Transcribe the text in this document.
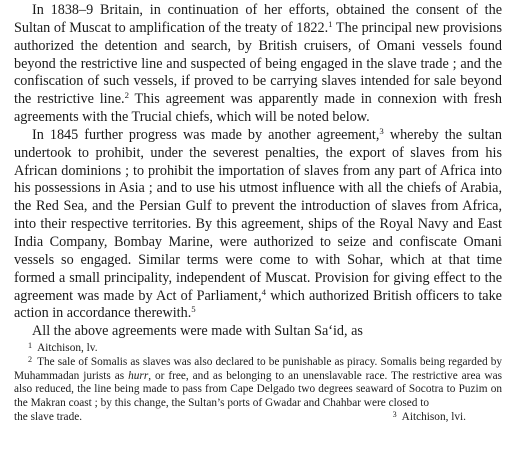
In 1838–9 Britain, in continuation of her efforts, obtained the consent of the Sultan of Muscat to amplification of the treaty of 1822.$^1$ The principal new provisions authorized the detention and search, by British cruisers, of Omani vessels found beyond the restrictive line and suspected of being engaged in the slave trade ; and the confiscation of such vessels, if proved to be carrying slaves intended for sale beyond the restrictive line.$^2$ This agreement was apparently made in connexion with fresh agreements with the Trucial chiefs, which will be noted below.

In 1845 further progress was made by another agreement,$^3$ whereby the sultan undertook to prohibit, under the severest penalties, the export of slaves from his African dominions ; to prohibit the importation of slaves from any part of Africa into his possessions in Asia ; and to use his utmost influence with all the chiefs of Arabia, the Red Sea, and the Persian Gulf to prevent the introduction of slaves from Africa, into their respective territories. By this agreement, ships of the Royal Navy and East India Company, Bombay Marine, were authorized to seize and confiscate Omani vessels so engaged. Similar terms were come to with Sohar, which at that time formed a small principality, independent of Muscat. Provision for giving effect to the agreement was made by Act of Parliament,$^4$ which authorized British officers to take action in accordance therewith.$^5$

All the above agreements were made with Sultan Sa‘id, as

$^1$ Aitchison, lv.

$^2$ The sale of Somalis as slaves was also declared to be punishable as piracy. Somalis being regarded by Muhammadan jurists as hurr, or free, and as belonging to an unenslavable race. The restrictive area was also reduced, the line being made to pass from Cape Delgado two degrees seaward of Socotra to Puzim on the Makran coast ; by this change, the Sultan’s ports of Gwadar and Chahbar were closed to

the slave trade.	$^3$ Aitchison, lvi.
